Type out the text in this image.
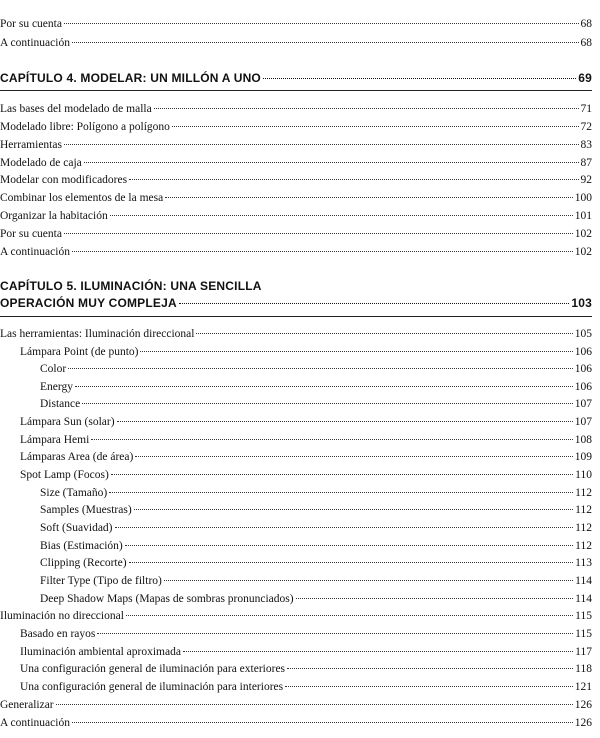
Por su cuenta	68
A continuación	68
CAPÍTULO 4. MODELAR: UN MILLÓN A UNO	69
Las bases del modelado de malla	71
Modelado libre: Polígono a polígono	72
Herramientas	83
Modelado de caja	87
Modelar con modificadores	92
Combinar los elementos de la mesa	100
Organizar la habitación	101
Por su cuenta	102
A continuación	102
CAPÍTULO 5. ILUMINACIÓN: UNA SENCILLA
OPERACIÓN MUY COMPLEJA	103
Las herramientas: Iluminación direccional	105
Lámpara Point (de punto)	106
Color	106
Energy	106
Distance	107
Lámpara Sun (solar)	107
Lámpara Hemi	108
Lámparas Area (de área)	109
Spot Lamp (Focos)	110
Size (Tamaño)	112
Samples (Muestras)	112
Soft (Suavidad)	112
Bias (Estimación)	112
Clipping (Recorte)	113
Filter Type (Tipo de filtro)	114
Deep Shadow Maps (Mapas de sombras pronunciados)	114
Iluminación no direccional	115
Basado en rayos	115
Iluminación ambiental aproximada	117
Una configuración general de iluminación para exteriores	118
Una configuración general de iluminación para interiores	121
Generalizar	126
A continuación	126
